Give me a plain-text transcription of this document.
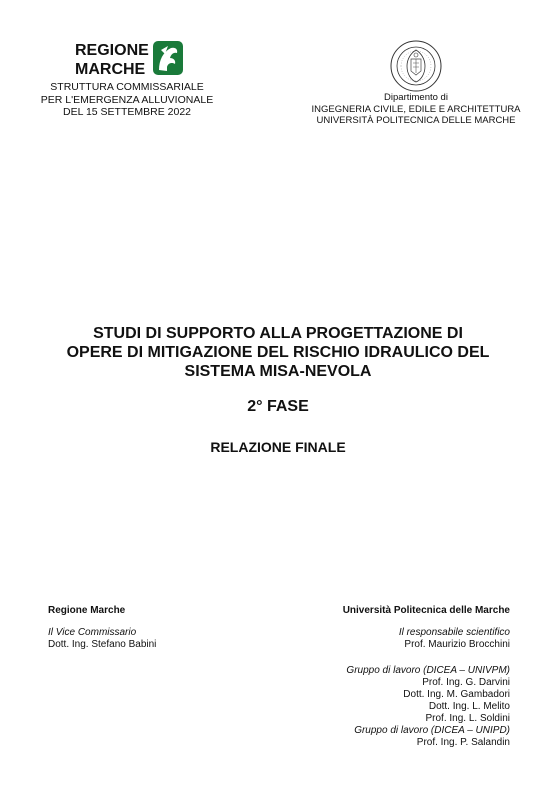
REGIONE
MARCHE
STRUTTURA COMMISSARIALE
PER L'EMERGENZA ALLUVIONALE
DEL 15 SETTEMBRE 2022
Dipartimento di
INGEGNERIA CIVILE, EDILE E ARCHITETTURA
UNIVERSITÀ POLITECNICA DELLE MARCHE
STUDI DI SUPPORTO ALLA PROGETTAZIONE DI
OPERE DI MITIGAZIONE DEL RISCHIO IDRAULICO DEL
SISTEMA MISA-NEVOLA
2° FASE
RELAZIONE FINALE
Regione Marche
Il Vice Commissario
Dott. Ing. Stefano Babini
Università Politecnica delle Marche
Il responsabile scientifico
Prof. Maurizio Brocchini
Gruppo di lavoro (DICEA – UNIVPM)
Prof. Ing. G. Darvini
Dott. Ing. M. Gambadori
Dott. Ing. L. Melito
Prof. Ing. L. Soldini
Gruppo di lavoro (DICEA – UNIPD)
Prof. Ing. P. Salandin
